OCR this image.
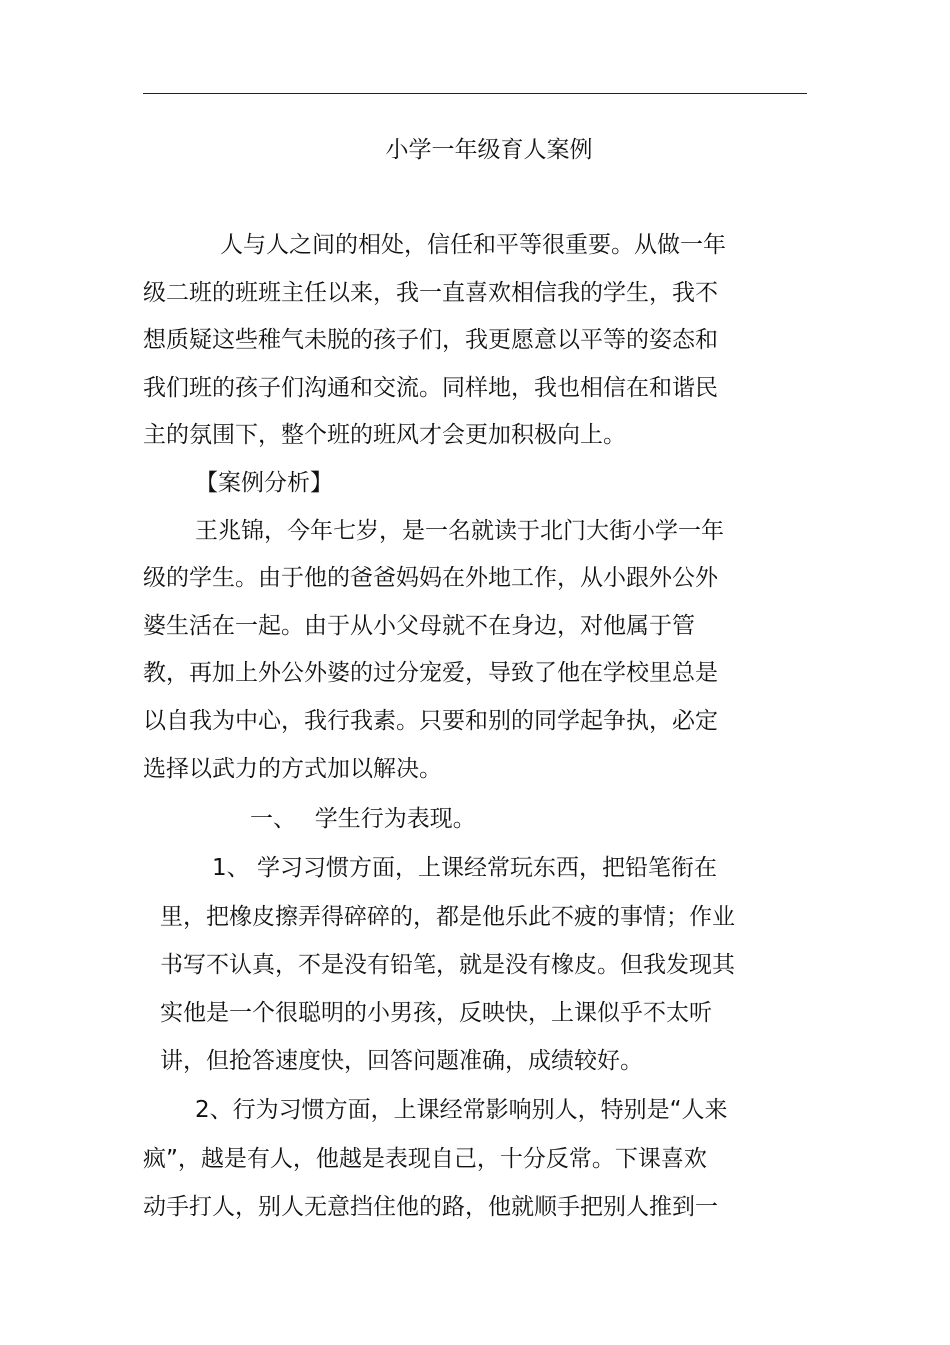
小学一年级育人案例
人与人之间的相处，信任和平等很重要。从做一年
级二班的班班主任以来，我一直喜欢相信我的学生，我不
想质疑这些稚气未脱的孩子们，我更愿意以平等的姿态和
我们班的孩子们沟通和交流。同样地，我也相信在和谐民
主的氛围下，整个班的班风才会更加积极向上。
【案例分析】
王兆锦，今年七岁，是一名就读于北门大街小学一年
级的学生。由于他的爸爸妈妈在外地工作，从小跟外公外
婆生活在一起。由于从小父母就不在身边，对他属于管
教，再加上外公外婆的过分宠爱，导致了他在学校里总是
以自我为中心，我行我素。只要和别的同学起争执，必定
选择以武力的方式加以解决。
一、　 学生行为表现。
1、 学习习惯方面，上课经常玩东西，把铅笔衔在
里，把橡皮擦弄得碎碎的，都是他乐此不疲的事情；作业
书写不认真，不是没有铅笔，就是没有橡皮。但我发现其
实他是一个很聪明的小男孩，反映快，上课似乎不太听
讲，但抢答速度快，回答问题准确，成绩较好。
2、行为习惯方面，上课经常影响别人，特别是“人来
疯”，越是有人，他越是表现自己，十分反常。下课喜欢
动手打人，别人无意挡住他的路，他就顺手把别人推到一
